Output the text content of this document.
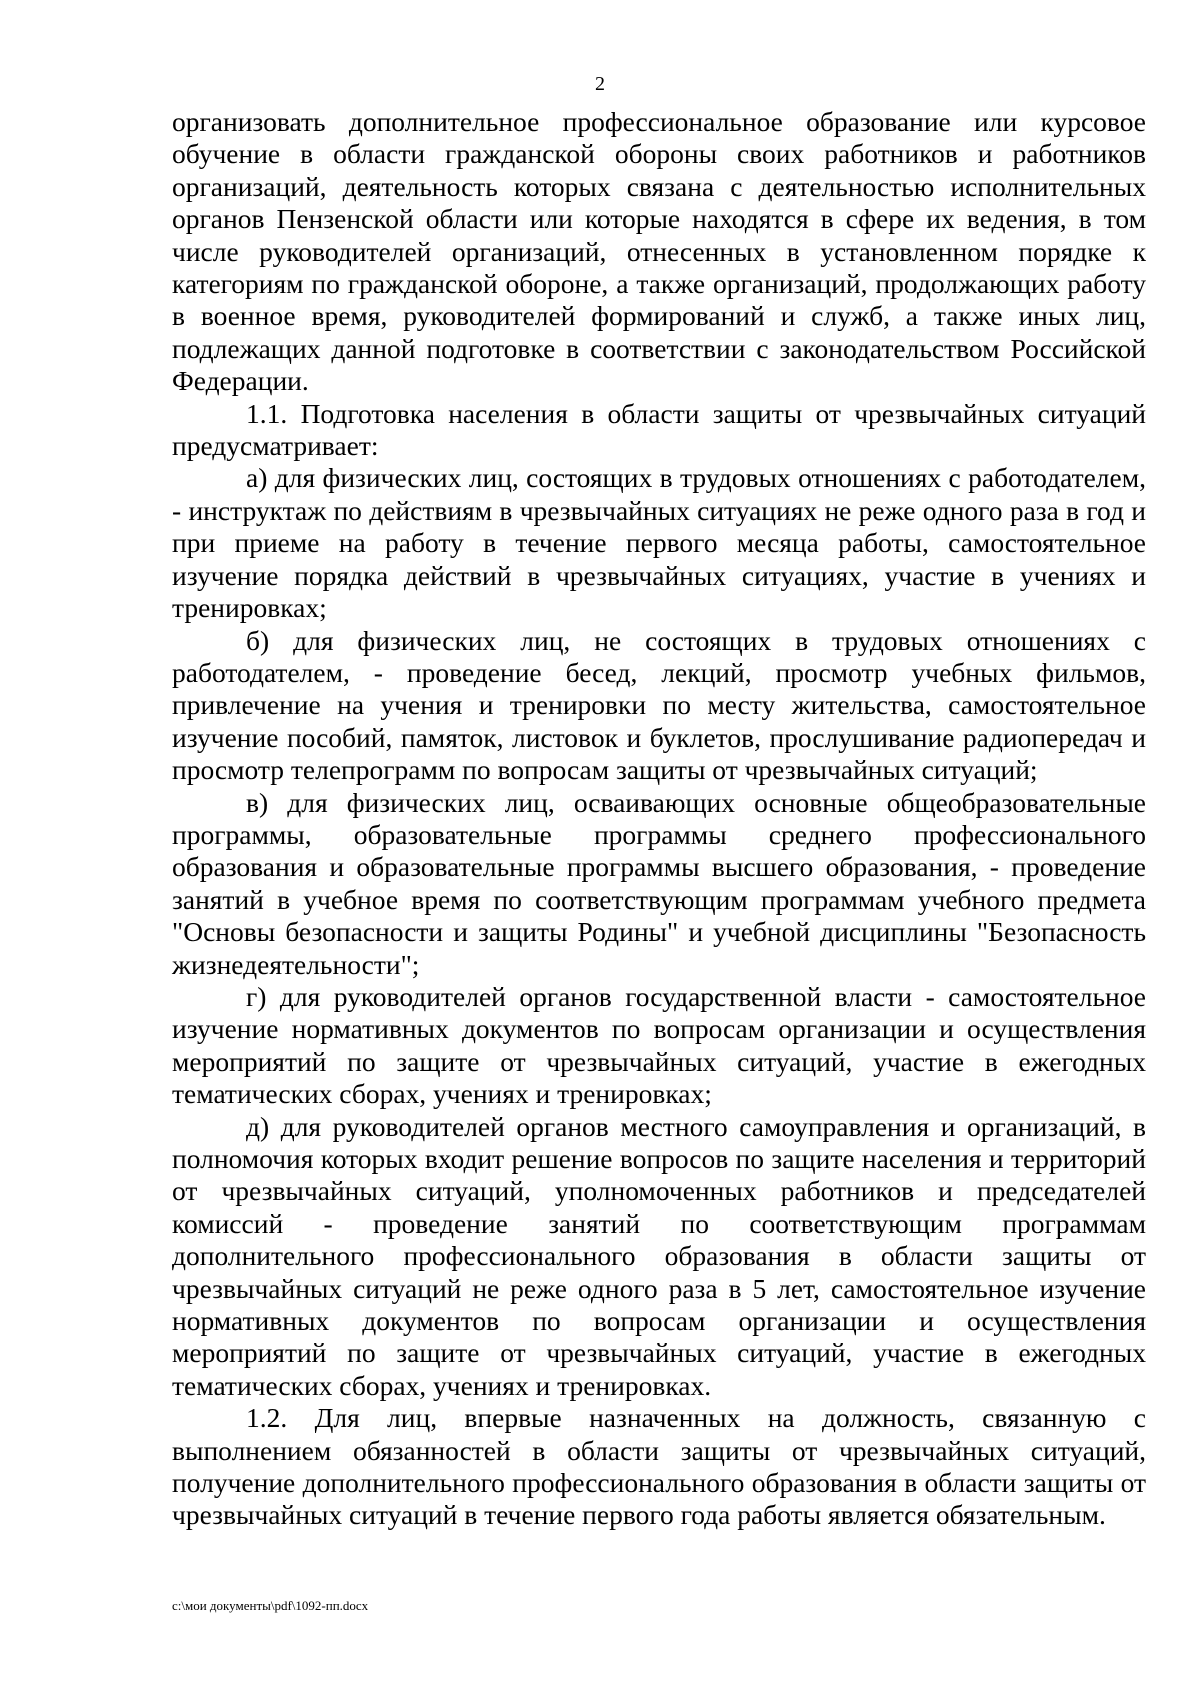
2

организовать дополнительное профессиональное образование или курсовое обучение в области гражданской обороны своих работников и работников организаций, деятельность которых связана с деятельностью исполнительных органов Пензенской области или которые находятся в сфере их ведения, в том числе руководителей организаций, отнесенных в установленном порядке к категориям по гражданской обороне, а также организаций, продолжающих работу в военное время, руководителей формирований и служб, а также иных лиц, подлежащих данной подготовке в соответствии с законодательством Российской Федерации.

1.1. Подготовка населения в области защиты от чрезвычайных ситуаций предусматривает:

а) для физических лиц, состоящих в трудовых отношениях с работодателем, - инструктаж по действиям в чрезвычайных ситуациях не реже одного раза в год и при приеме на работу в течение первого месяца работы, самостоятельное изучение порядка действий в чрезвычайных ситуациях, участие в учениях и тренировках;

б) для физических лиц, не состоящих в трудовых отношениях с работодателем, - проведение бесед, лекций, просмотр учебных фильмов, привлечение на учения и тренировки по месту жительства, самостоятельное изучение пособий, памяток, листовок и буклетов, прослушивание радиопередач и просмотр телепрограмм по вопросам защиты от чрезвычайных ситуаций;

в) для физических лиц, осваивающих основные общеобразовательные программы, образовательные программы среднего профессионального образования и образовательные программы высшего образования, - проведение занятий в учебное время по соответствующим программам учебного предмета "Основы безопасности и защиты Родины" и учебной дисциплины "Безопасность жизнедеятельности";

г) для руководителей органов государственной власти - самостоятельное изучение нормативных документов по вопросам организации и осуществления мероприятий по защите от чрезвычайных ситуаций, участие в ежегодных тематических сборах, учениях и тренировках;

д) для руководителей органов местного самоуправления и организаций, в полномочия которых входит решение вопросов по защите населения и территорий от чрезвычайных ситуаций, уполномоченных работников и председателей комиссий - проведение занятий по соответствующим программам дополнительного профессионального образования в области защиты от чрезвычайных ситуаций не реже одного раза в 5 лет, самостоятельное изучение нормативных документов по вопросам организации и осуществления мероприятий по защите от чрезвычайных ситуаций, участие в ежегодных тематических сборах, учениях и тренировках.

1.2. Для лиц, впервые назначенных на должность, связанную с выполнением обязанностей в области защиты от чрезвычайных ситуаций, получение дополнительного профессионального образования в области защиты от чрезвычайных ситуаций в течение первого года работы является обязательным.

c:\мои документы\pdf\1092-пп.docx
